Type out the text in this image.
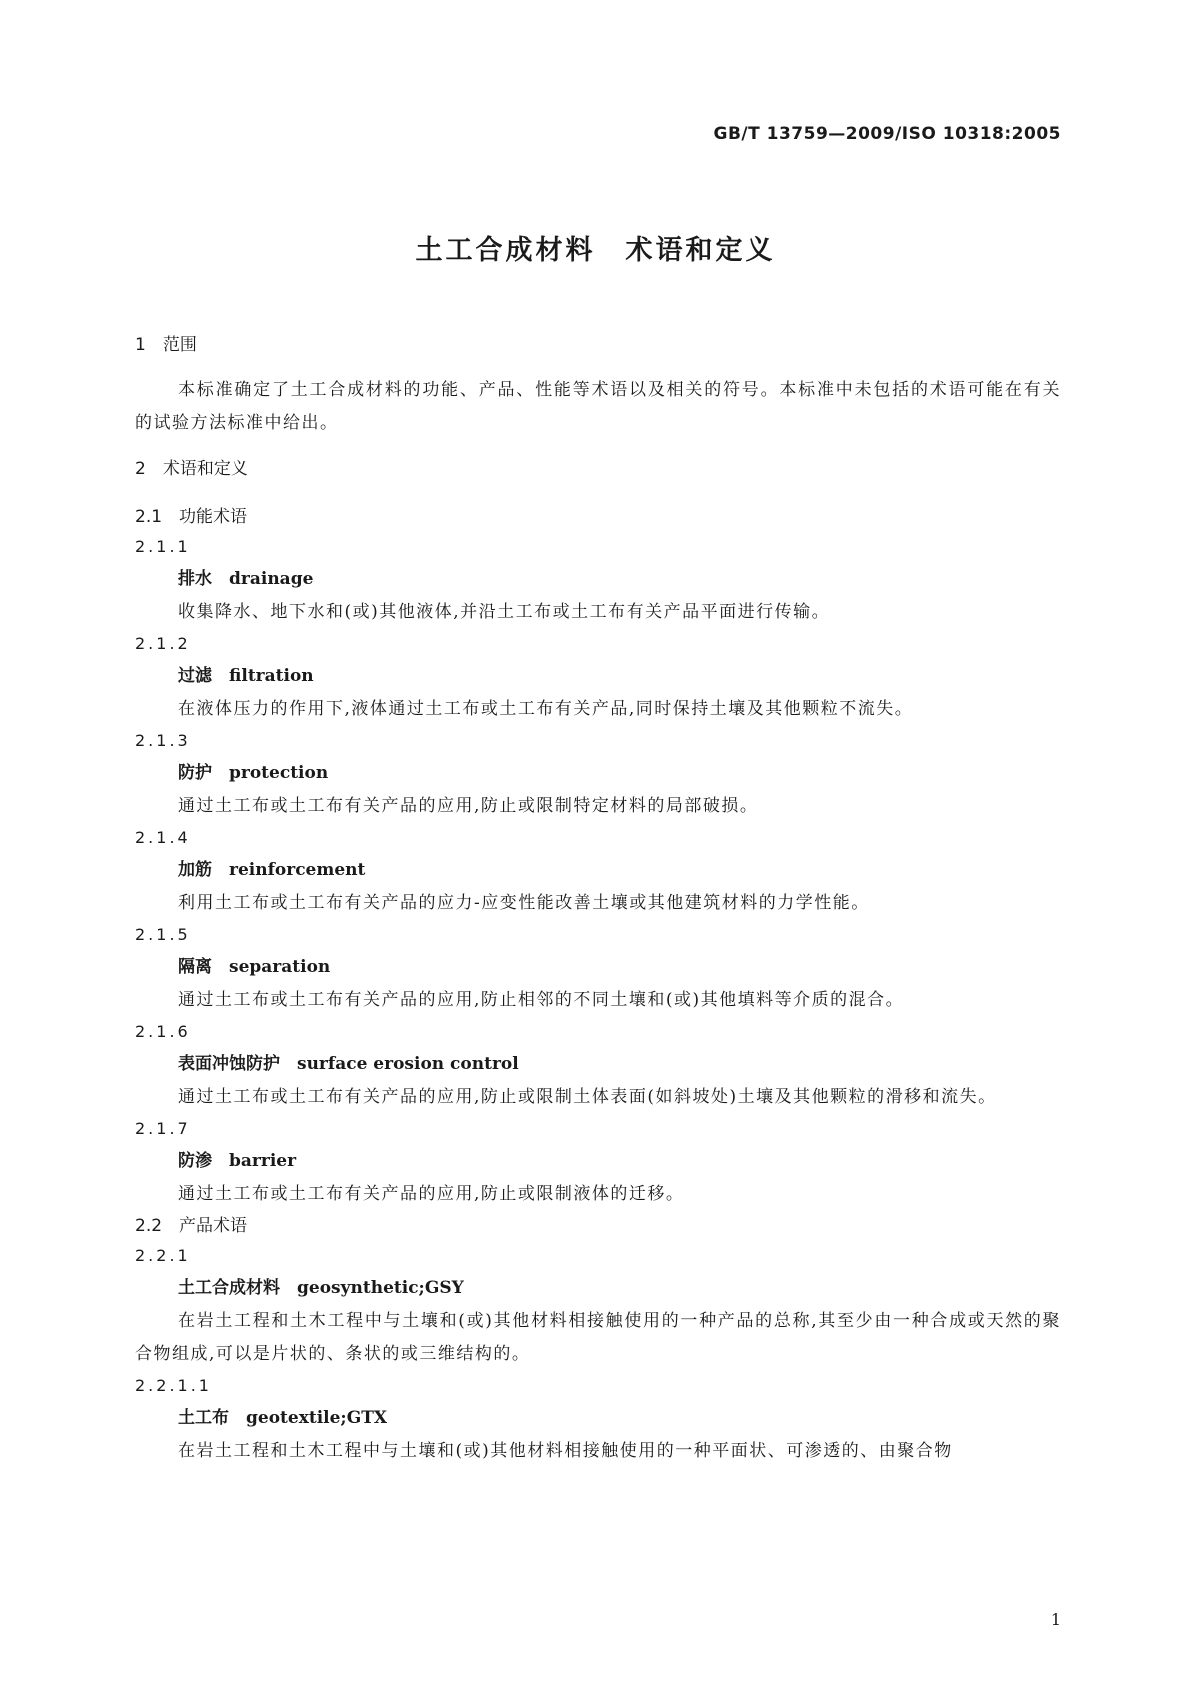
GB/T 13759—2009/ISO 10318:2005
土工合成材料　术语和定义

1　范围

本标准确定了土工合成材料的功能、产品、性能等术语以及相关的符号。本标准中未包括的术语可能在有关的试验方法标准中给出。

2　术语和定义

2.1　功能术语

2.1.1

排水　 drainage

收集降水、地下水和(或)其他液体,并沿土工布或土工布有关产品平面进行传输。

2.1.2

过滤　 filtration

在液体压力的作用下,液体通过土工布或土工布有关产品,同时保持土壤及其他颗粒不流失。

2.1.3

防护　 protection

通过土工布或土工布有关产品的应用,防止或限制特定材料的局部破损。

2.1.4

加筋　 reinforcement

利用土工布或土工布有关产品的应力-应变性能改善土壤或其他建筑材料的力学性能。

2.1.5

隔离　 separation

通过土工布或土工布有关产品的应用,防止相邻的不同土壤和(或)其他填料等介质的混合。

2.1.6

表面冲蚀防护　 surface erosion control

通过土工布或土工布有关产品的应用,防止或限制土体表面(如斜坡处)土壤及其他颗粒的滑移和流失。

2.1.7

防渗　 barrier

通过土工布或土工布有关产品的应用,防止或限制液体的迁移。

2.2　产品术语

2.2.1

土工合成材料　 geosynthetic;GSY

在岩土工程和土木工程中与土壤和(或)其他材料相接触使用的一种产品的总称,其至少由一种合成或天然的聚合物组成,可以是片状的、条状的或三维结构的。

2.2.1.1

土工布　 geotextile;GTX

在岩土工程和土木工程中与土壤和(或)其他材料相接触使用的一种平面状、可渗透的、由聚合物

1
